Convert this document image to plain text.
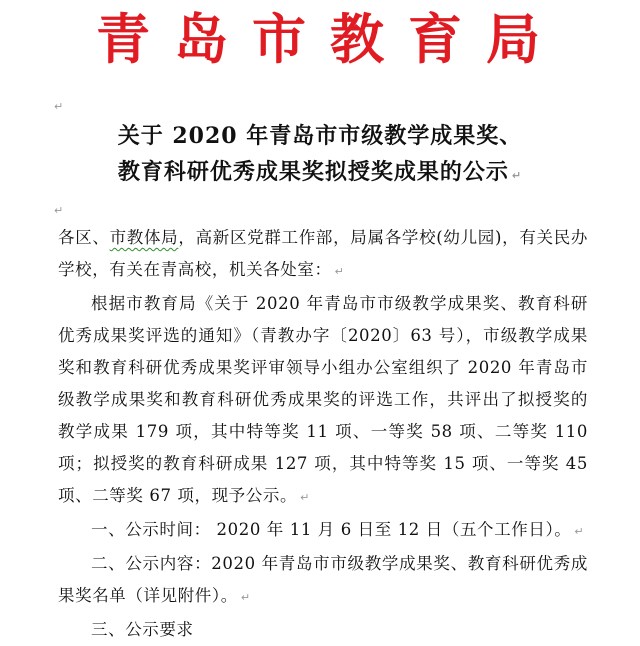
青岛市教育局
↵
↵
关于 2020 年青岛市市级教学成果奖、
教育科研优秀成果奖拟授奖成果的公示 ↵

各区、市教体局，高新区党群工作部，局属各学校(幼儿园)，有关民办学校，有关在青高校，机关各处室： ↵

根据市教育局《关于 2020 年青岛市市级教学成果奖、教育科研优秀成果奖评选的通知》（青教办字〔2020〕63 号），市级教学成果奖和教育科研优秀成果奖评审领导小组办公室组织了 2020 年青岛市级教学成果奖和教育科研优秀成果奖的评选工作，共评出了拟授奖的教学成果 179 项，其中特等奖 11 项、一等奖 58 项、二等奖 110 项；拟授奖的教育科研成果 127 项，其中特等奖 15 项、一等奖 45 项、二等奖 67 项，现予公示。 ↵

一、公示时间： 2020 年 11 月 6 日至 12 日（五个工作日）。 ↵

二、公示内容：2020 年青岛市市级教学成果奖、教育科研优秀成果奖名单（详见附件）。 ↵

三、公示要求
